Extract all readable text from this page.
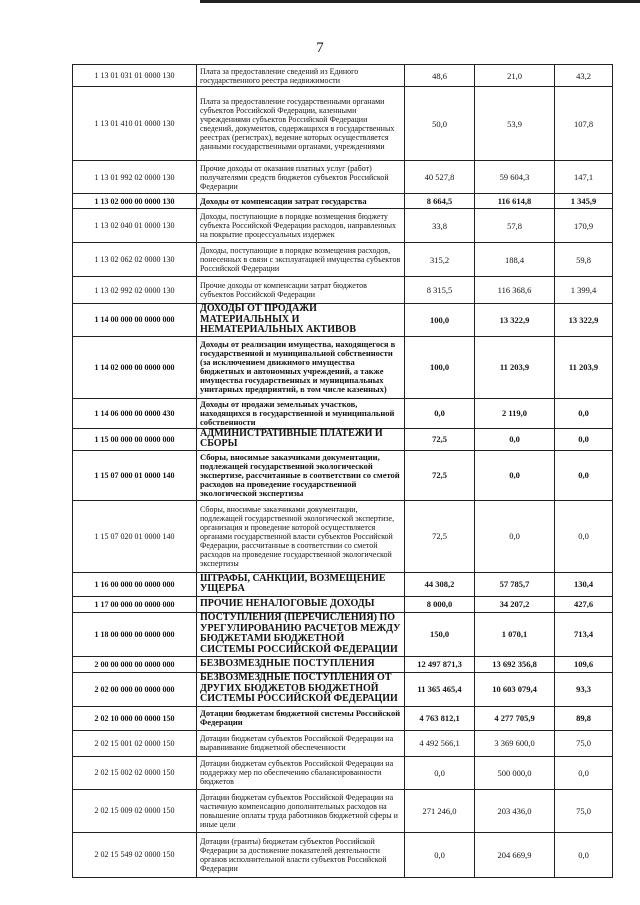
7
1 13 01 031 01 0000 130	Плата за предоставление сведений из Единого государственного реестра недвижимости	48,6	21,0	43,2
1 13 01 410 01 0000 130	Плата за предоставление государственными органами субъектов Российской Федерации, казенными учреждениями субъектов Российской Федерации сведений, документов, содержащихся в государственных реестрах (регистрах), ведение которых осуществляется данными государственными органами, учреждениями	50,0	53,9	107,8
1 13 01 992 02 0000 130	Прочие доходы от оказания платных услуг (работ) получателями средств бюджетов субъектов Российской Федерации	40 527,8	59 604,3	147,1
1 13 02 000 00 0000 130	Доходы от компенсации затрат государства	8 664,5	116 614,8	1 345,9
1 13 02 040 01 0000 130	Доходы, поступающие в порядке возмещения бюджету субъекта Российской Федерации расходов, направленных на покрытие процессуальных издержек	33,8	57,8	170,9
1 13 02 062 02 0000 130	Доходы, поступающие в порядке возмещения расходов, понесенных в связи с эксплуатацией имущества субъектов Российской Федерации	315,2	188,4	59,8
1 13 02 992 02 0000 130	Прочие доходы от компенсации затрат бюджетов субъектов Российской Федерации	8 315,5	116 368,6	1 399,4
1 14 00 000 00 0000 000	ДОХОДЫ ОТ ПРОДАЖИ МАТЕРИАЛЬНЫХ И НЕМАТЕРИАЛЬНЫХ АКТИВОВ	100,0	13 322,9	13 322,9
1 14 02 000 00 0000 000	Доходы от реализации имущества, находящегося в государственной и муниципальной собственности (за исключением движимого имущества бюджетных и автономных учреждений, а также имущества государственных и муниципальных унитарных предприятий, в том числе казенных)	100,0	11 203,9	11 203,9
1 14 06 000 00 0000 430	Доходы от продажи земельных участков, находящихся в государственной и муниципальной собственности	0,0	2 119,0	0,0
1 15 00 000 00 0000 000	АДМИНИСТРАТИВНЫЕ ПЛАТЕЖИ И СБОРЫ	72,5	0,0	0,0
1 15 07 000 01 0000 140	Сборы, вносимые заказчиками документации, подлежащей государственной экологической экспертизе, рассчитанные в соответствии со сметой расходов на проведение государственной экологической экспертизы	72,5	0,0	0,0
1 15 07 020 01 0000 140	Сборы, вносимые заказчиками документации, подлежащей государственной экологической экспертизе, организация и проведение которой осуществляется органами государственной власти субъектов Российской Федерации, рассчитанные в соответствии со сметой расходов на проведение государственной экологической экспертизы	72,5	0,0	0,0
1 16 00 000 00 0000 000	ШТРАФЫ, САНКЦИИ, ВОЗМЕЩЕНИЕ УЩЕРБА	44 308,2	57 785,7	130,4
1 17 00 000 00 0000 000	ПРОЧИЕ НЕНАЛОГОВЫЕ ДОХОДЫ	8 000,0	34 207,2	427,6
1 18 00 000 00 0000 000	ПОСТУПЛЕНИЯ (ПЕРЕЧИСЛЕНИЯ) ПО УРЕГУЛИРОВАНИЮ РАСЧЕТОВ МЕЖДУ БЮДЖЕТАМИ БЮДЖЕТНОЙ СИСТЕМЫ РОССИЙСКОЙ ФЕДЕРАЦИИ	150,0	1 070,1	713,4
2 00 00 000 00 0000 000	БЕЗВОЗМЕЗДНЫЕ ПОСТУПЛЕНИЯ	12 497 871,3	13 692 356,8	109,6
2 02 00 000 00 0000 000	БЕЗВОЗМЕЗДНЫЕ ПОСТУПЛЕНИЯ ОТ ДРУГИХ БЮДЖЕТОВ БЮДЖЕТНОЙ СИСТЕМЫ РОССИЙСКОЙ ФЕДЕРАЦИИ	11 365 465,4	10 603 079,4	93,3
2 02 10 000 00 0000 150	Дотации бюджетам бюджетной системы Российской Федерации	4 763 812,1	4 277 705,9	89,8
2 02 15 001 02 0000 150	Дотации бюджетам субъектов Российской Федерации на выравнивание бюджетной обеспеченности	4 492 566,1	3 369 600,0	75,0
2 02 15 002 02 0000 150	Дотации бюджетам субъектов Российской Федерации на поддержку мер по обеспечению сбалансированности бюджетов	0,0	500 000,0	0,0
2 02 15 009 02 0000 150	Дотации бюджетам субъектов Российской Федерации на частичную компенсацию дополнительных расходов на повышение оплаты труда работников бюджетной сферы и иные цели	271 246,0	203 436,0	75,0
2 02 15 549 02 0000 150	Дотации (гранты) бюджетам субъектов Российской Федерации за достижение показателей деятельности органов исполнительной власти субъектов Российской Федерации	0,0	204 669,9	0,0
